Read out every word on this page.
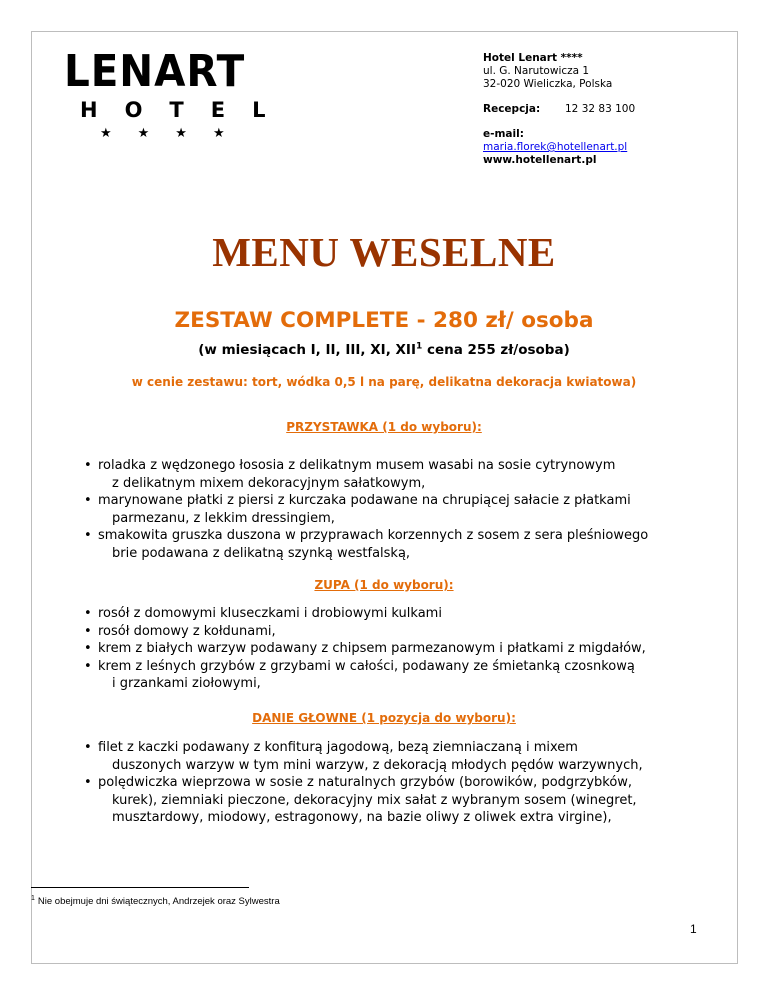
LENART
HOTEL
★★★★
Hotel Lenart ****
ul. G. Narutowicza 1
32-020 Wieliczka, Polska
Recepcja:	12 32 83 100
e-mail:
maria.florek@hotellenart.pl
www.hotellenart.pl
MENU WESELNE
ZESTAW COMPLETE - 280 zł/ osoba
(w miesiącach I, II, III, XI, XII$^1$ cena 255 zł/osoba)
w cenie zestawu: tort, wódka 0,5 l na parę, delikatna dekoracja kwiatowa)
PRZYSTAWKA (1 do wyboru):
• roladka z wędzonego łososia z delikatnym musem wasabi na sosie cytrynowym
z delikatnym mixem dekoracyjnym sałatkowym,
• marynowane płatki z piersi z kurczaka podawane na chrupiącej sałacie z płatkami
parmezanu, z lekkim dressingiem,
• smakowita gruszka duszona w przyprawach korzennych z sosem z sera pleśniowego
brie podawana z delikatną szynką westfalską,
ZUPA (1 do wyboru):
• rosół z domowymi kluseczkami i drobiowymi kulkami
• rosół domowy z kołdunami,
• krem z białych warzyw podawany z chipsem parmezanowym i płatkami z migdałów,
• krem z leśnych grzybów z grzybami w całości, podawany ze śmietanką czosnkową
i grzankami ziołowymi,
DANIE GŁOWNE (1 pozycja do wyboru):
• filet z kaczki podawany z konfiturą jagodową, bezą ziemniaczaną i mixem
duszonych warzyw w tym mini warzyw, z dekoracją młodych pędów warzywnych,
• polędwiczka wieprzowa w sosie z naturalnych grzybów (borowików, podgrzybków,
kurek), ziemniaki pieczone, dekoracyjny mix sałat z wybranym sosem (winegret,
musztardowy, miodowy, estragonowy, na bazie oliwy z oliwek extra virgine),
$^1$ Nie obejmuje dni świątecznych, Andrzejek oraz Sylwestra
1
